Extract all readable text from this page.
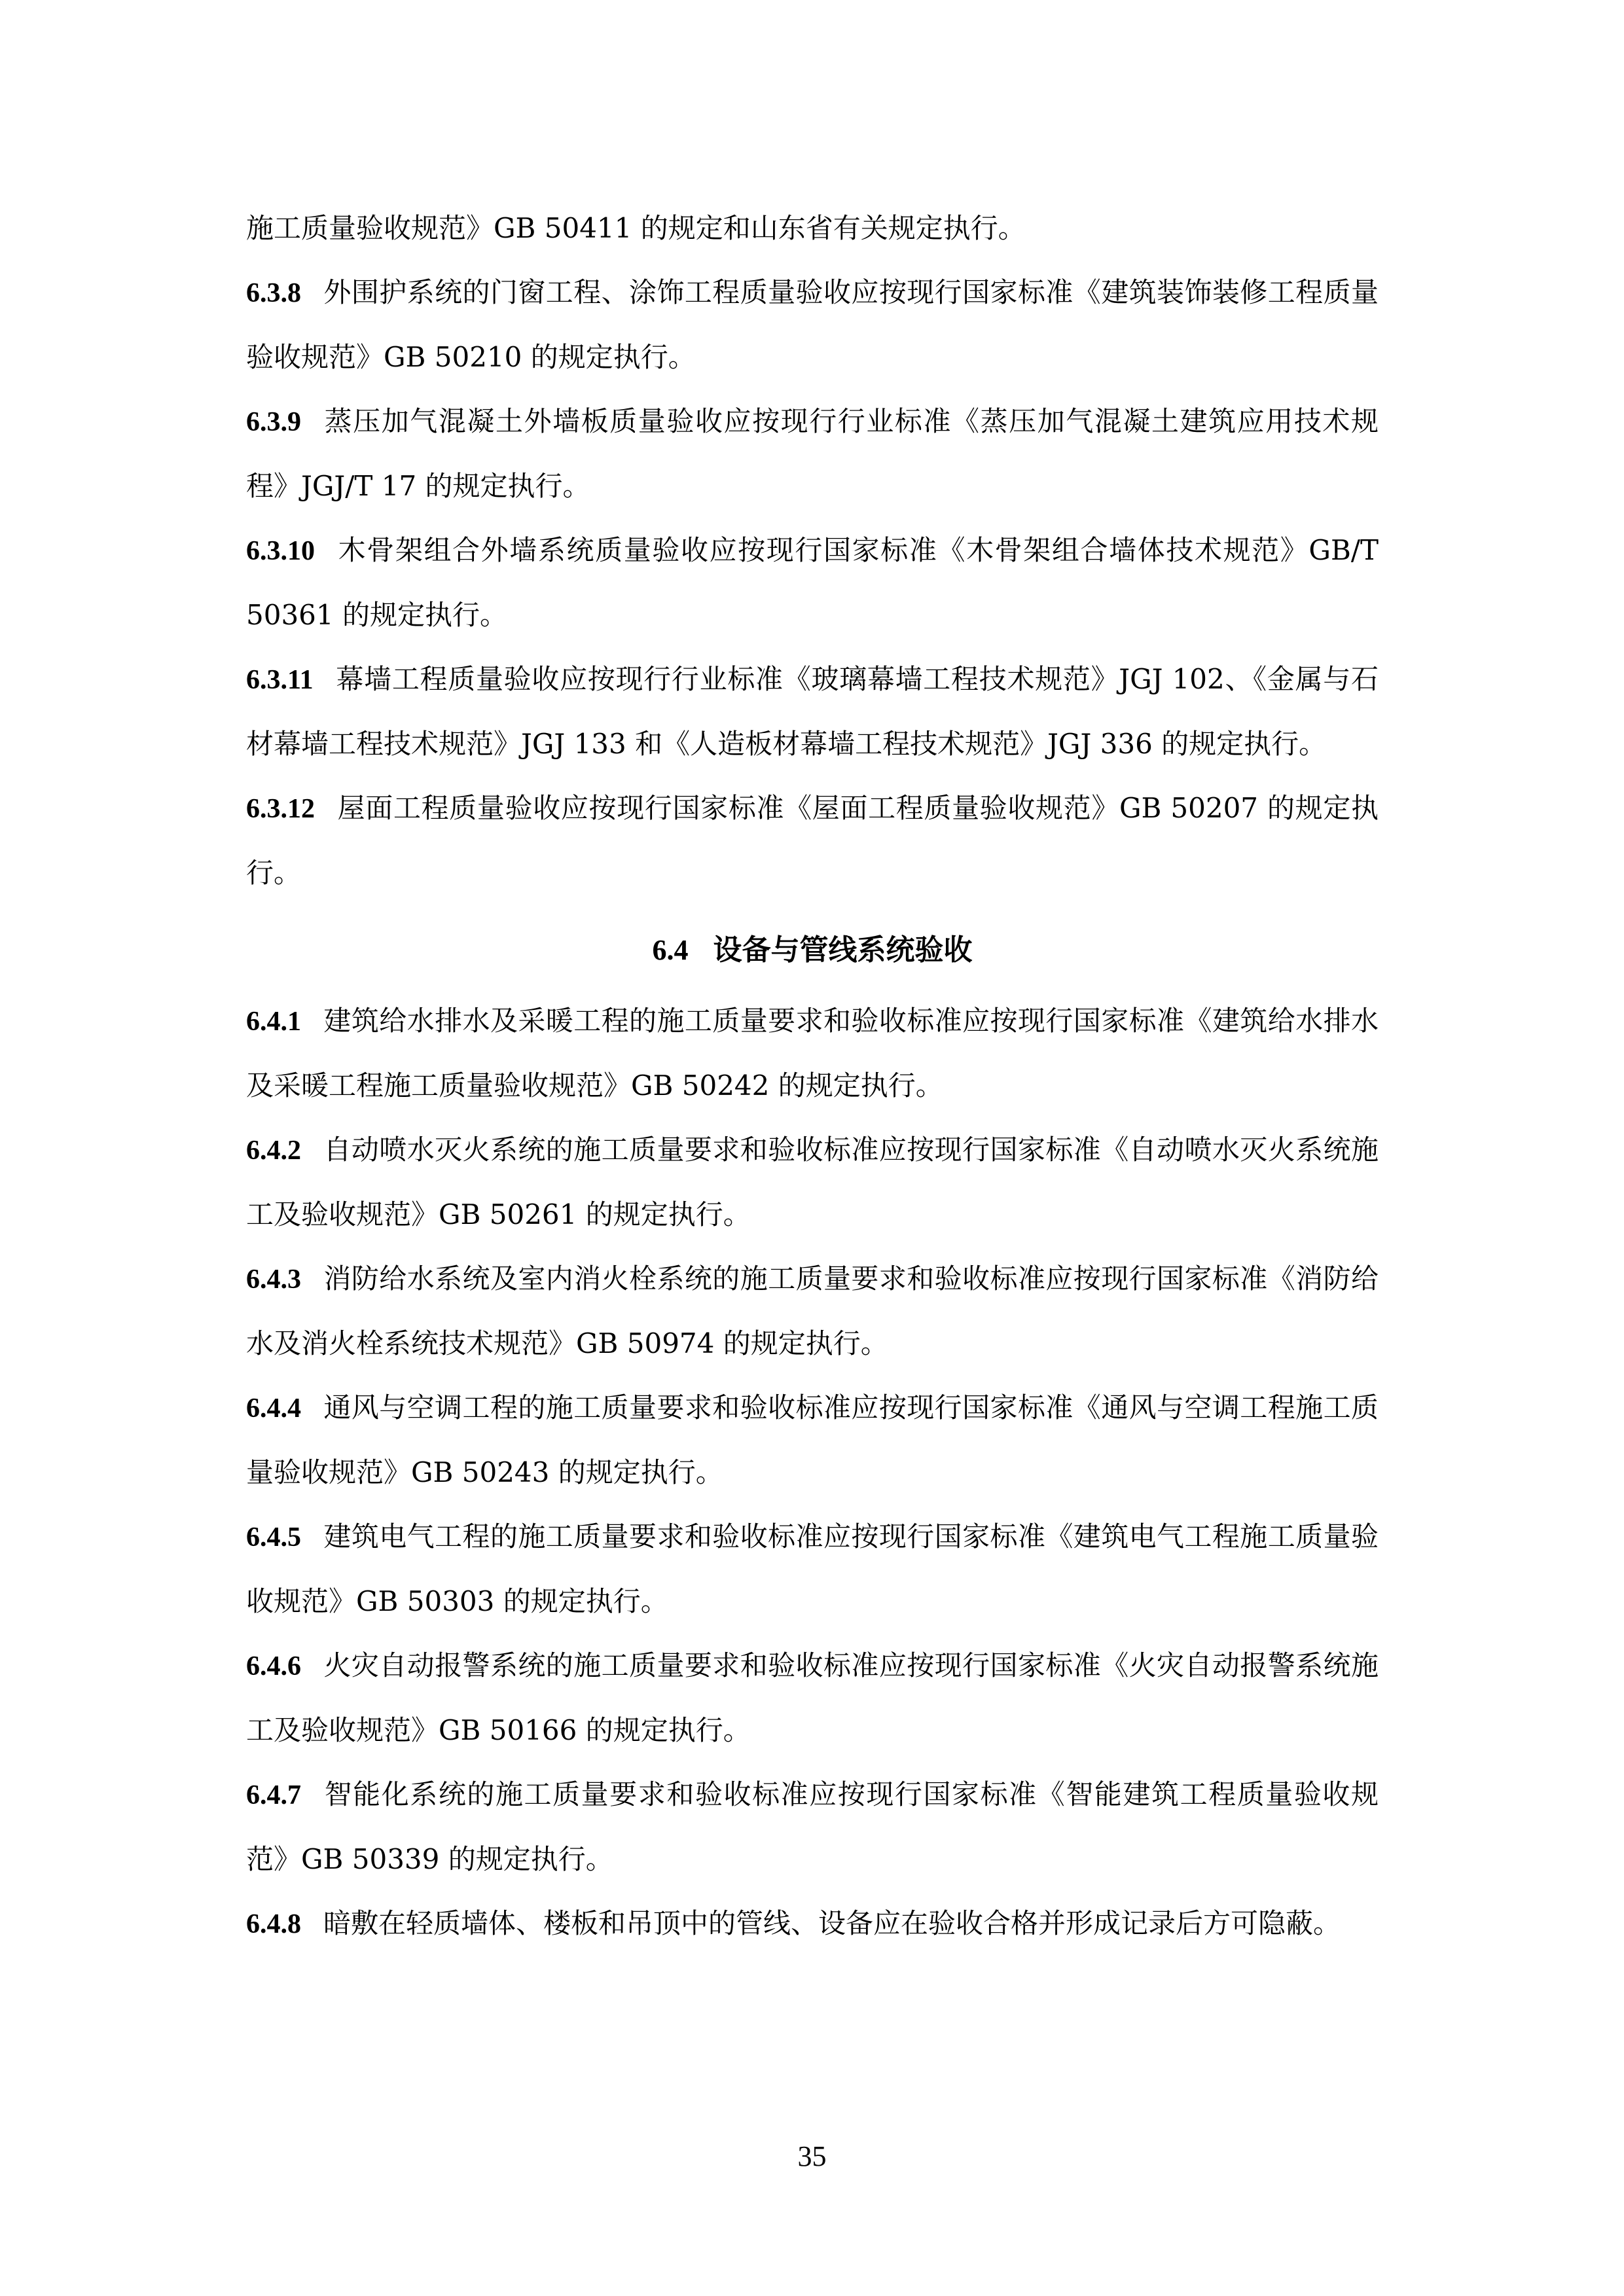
施工质量验收规范》GB 50411 的规定和山东省有关规定执行。

6.3.8 外围护系统的门窗工程、涂饰工程质量验收应按现行国家标准《建筑装饰装修工程质量验收规范》GB 50210 的规定执行。

6.3.9 蒸压加气混凝土外墙板质量验收应按现行行业标准《蒸压加气混凝土建筑应用技术规程》JGJ/T 17 的规定执行。

6.3.10 木骨架组合外墙系统质量验收应按现行国家标准《木骨架组合墙体技术规范》GB/T 50361 的规定执行。

6.3.11 幕墙工程质量验收应按现行行业标准《玻璃幕墙工程技术规范》JGJ 102、《金属与石材幕墙工程技术规范》JGJ 133 和《人造板材幕墙工程技术规范》JGJ 336 的规定执行。

6.3.12 屋面工程质量验收应按现行国家标准《屋面工程质量验收规范》GB 50207 的规定执行。

6.4 设备与管线系统验收

6.4.1 建筑给水排水及采暖工程的施工质量要求和验收标准应按现行国家标准《建筑给水排水及采暖工程施工质量验收规范》GB 50242 的规定执行。

6.4.2 自动喷水灭火系统的施工质量要求和验收标准应按现行国家标准《自动喷水灭火系统施工及验收规范》GB 50261 的规定执行。

6.4.3 消防给水系统及室内消火栓系统的施工质量要求和验收标准应按现行国家标准《消防给水及消火栓系统技术规范》GB 50974 的规定执行。

6.4.4 通风与空调工程的施工质量要求和验收标准应按现行国家标准《通风与空调工程施工质量验收规范》GB 50243 的规定执行。

6.4.5 建筑电气工程的施工质量要求和验收标准应按现行国家标准《建筑电气工程施工质量验收规范》GB 50303 的规定执行。

6.4.6 火灾自动报警系统的施工质量要求和验收标准应按现行国家标准《火灾自动报警系统施工及验收规范》GB 50166 的规定执行。

6.4.7 智能化系统的施工质量要求和验收标准应按现行国家标准《智能建筑工程质量验收规范》GB 50339 的规定执行。

6.4.8 暗敷在轻质墙体、楼板和吊顶中的管线、设备应在验收合格并形成记录后方可隐蔽。

35
